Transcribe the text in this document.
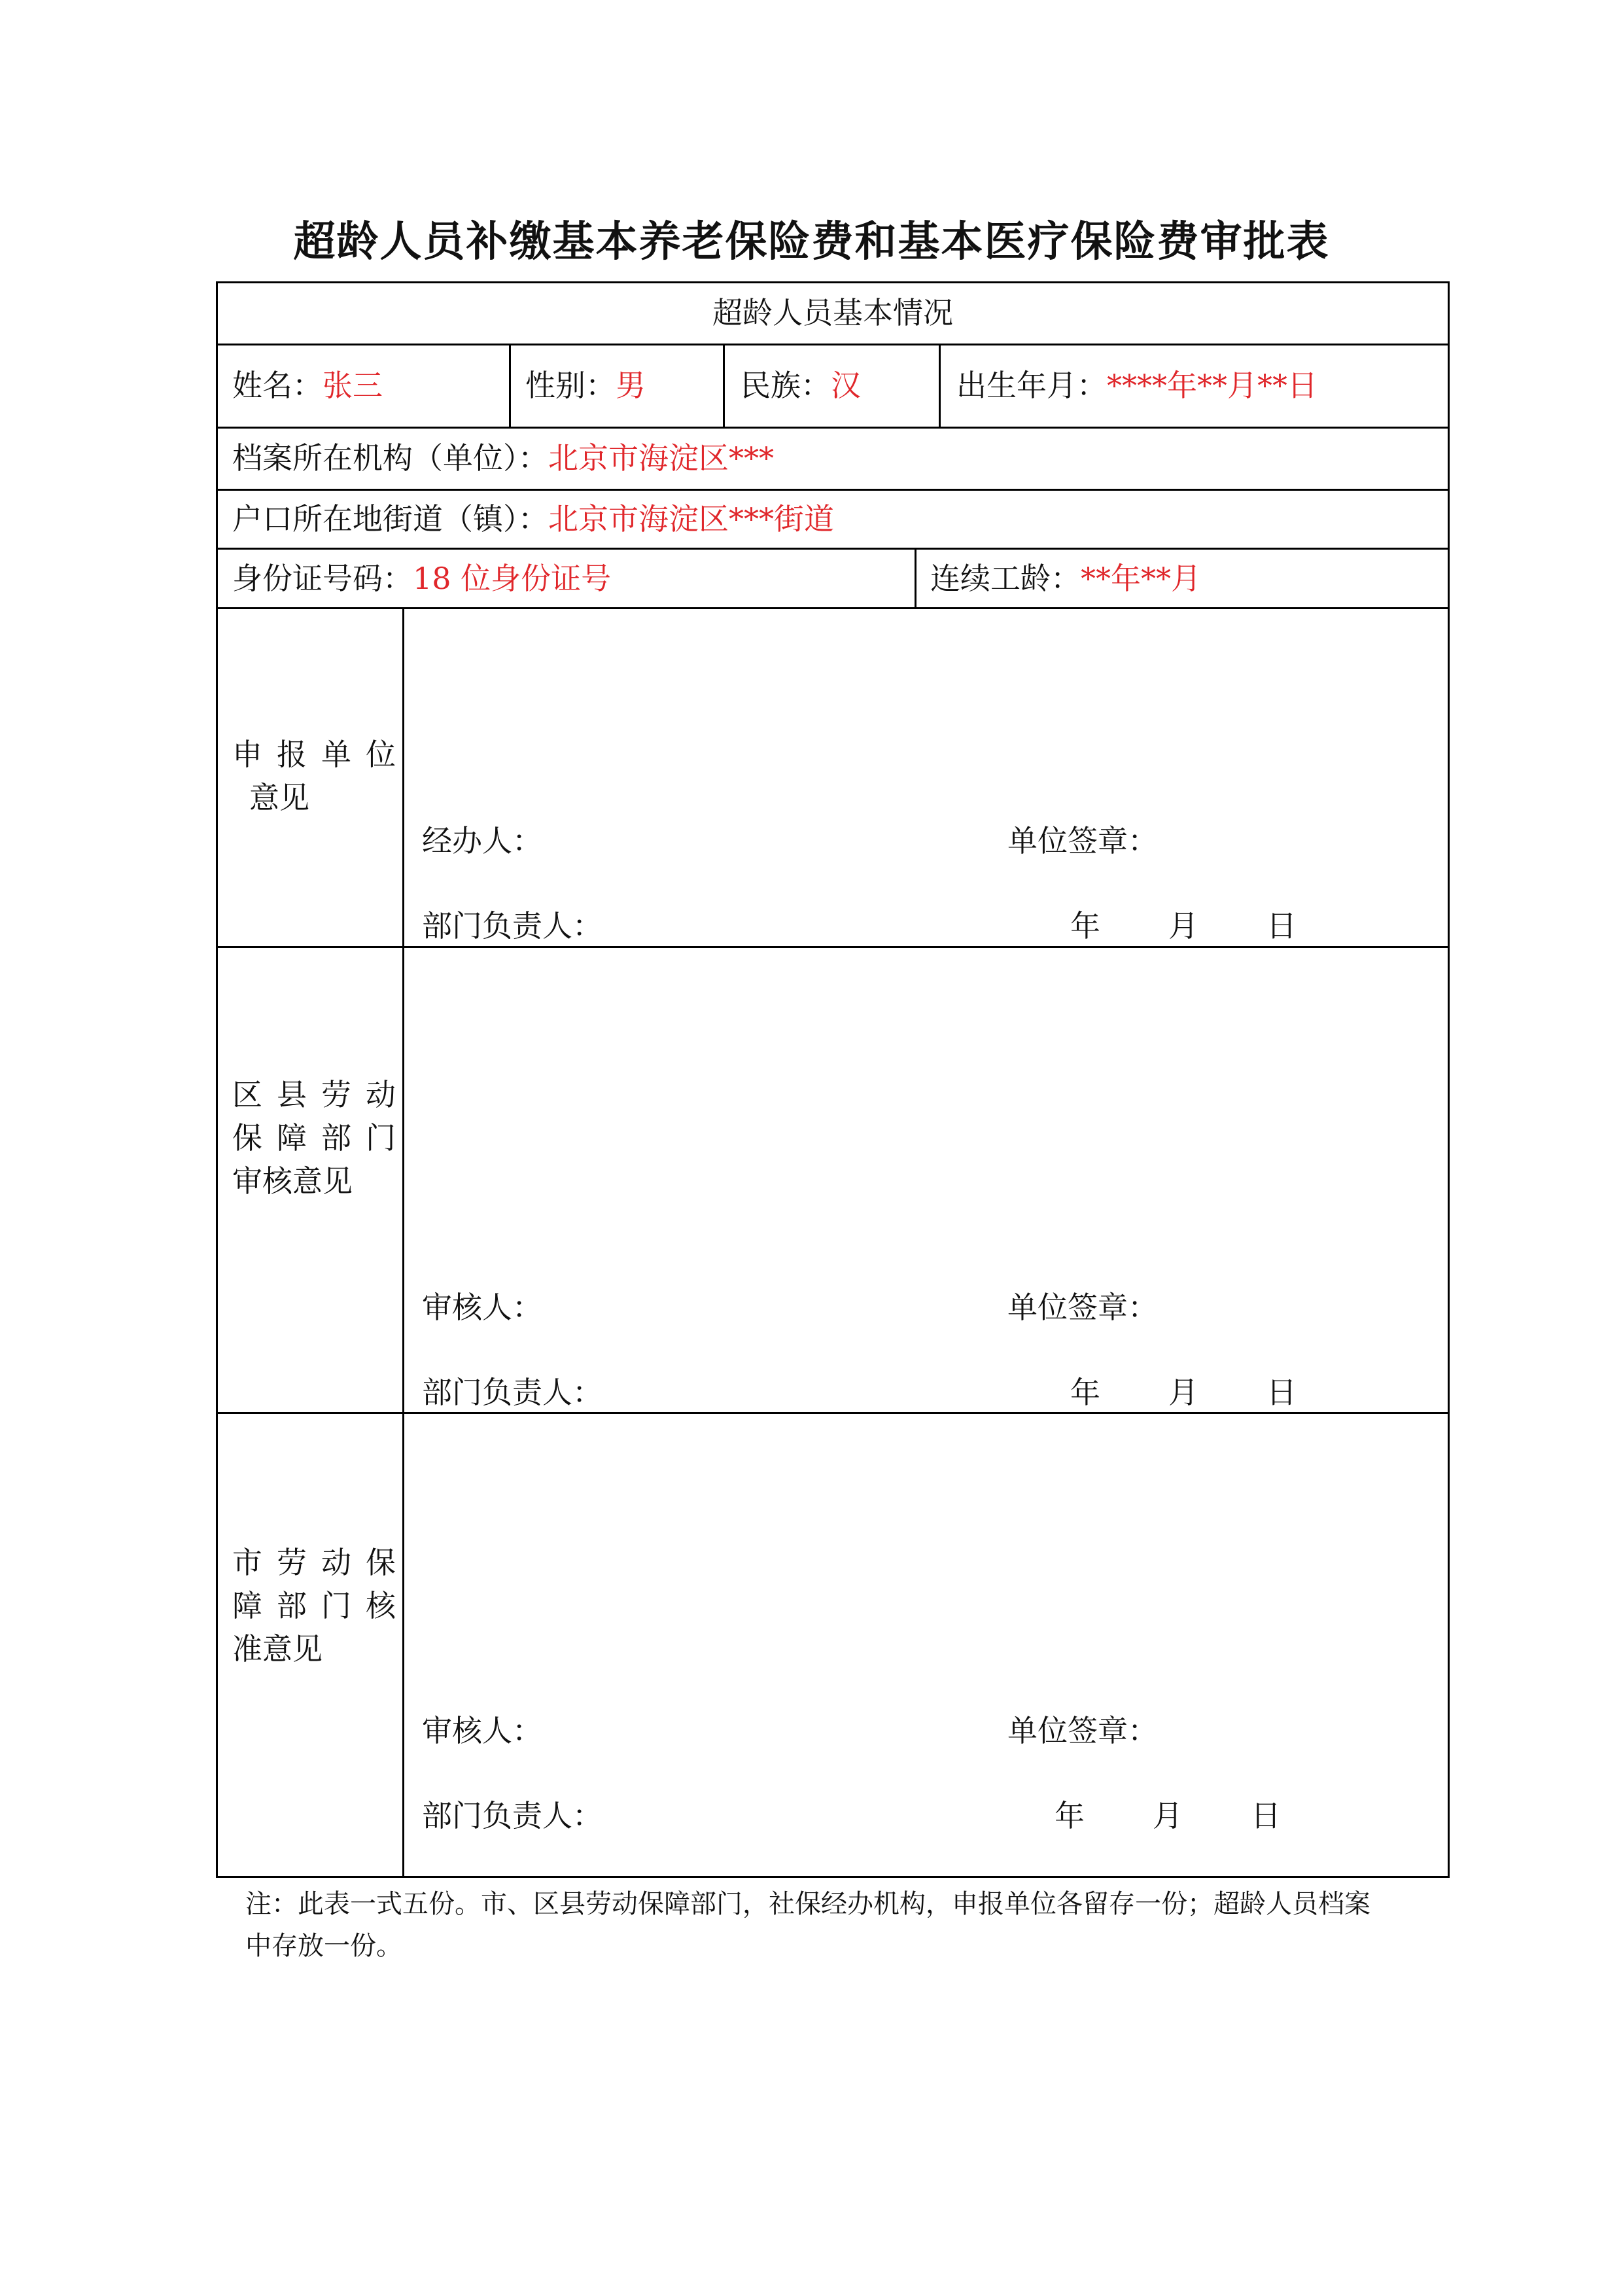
超龄人员补缴基本养老保险费和基本医疗保险费审批表
超龄人员基本情况
姓名：张三	性别：男	民族：汉	出生年月：****年**月**日
档案所在机构（单位）：北京市海淀区***
户口所在地街道（镇）：北京市海淀区***街道
身份证号码：18 位身份证号	连续工龄：**年**月
申报单位
意见
经办人：	单位签章：
部门负责人：	年 月 日
区县劳动
保障部门
审核意见
审核人：	单位签章：
部门负责人：	年 月 日
市劳动保
障部门核
准意见
审核人：	单位签章：
部门负责人：	年 月 日
注：此表一式五份。市、区县劳动保障部门，社保经办机构，申报单位各留存一份；超龄人员档案中存放一份。
